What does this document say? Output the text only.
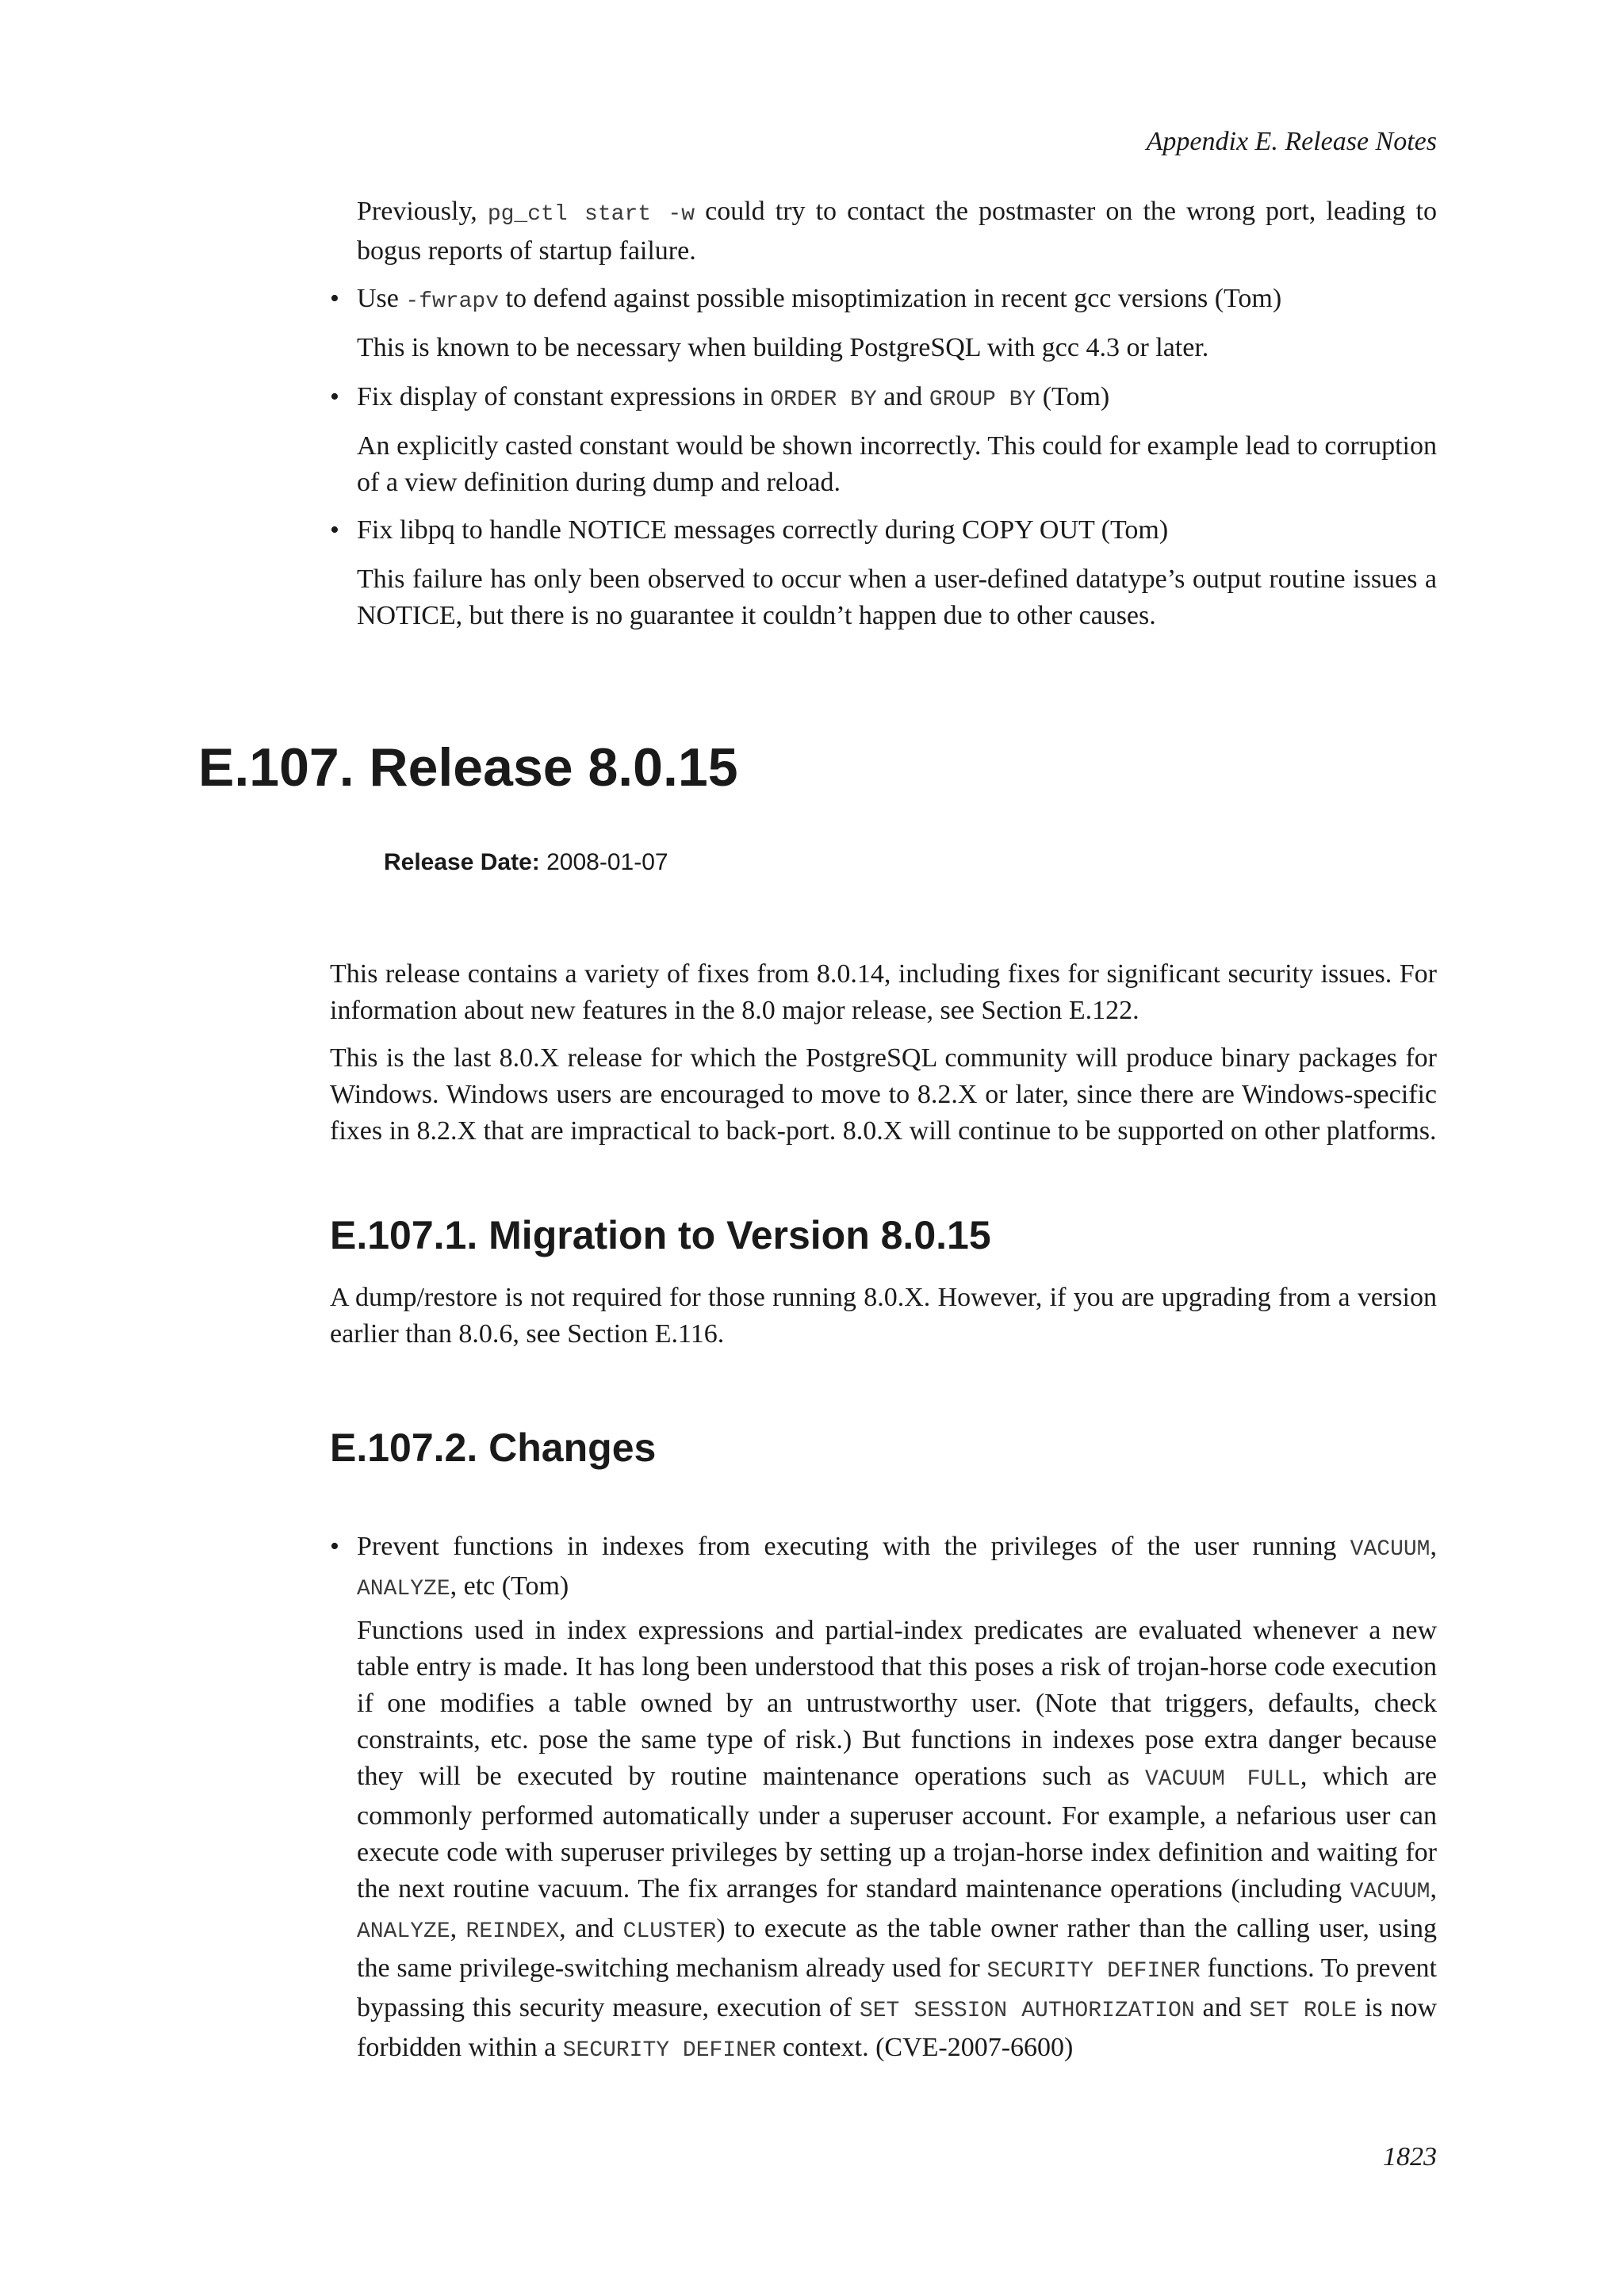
Appendix E. Release Notes
Previously, pg_ctl start -w could try to contact the postmaster on the wrong port, leading to bogus reports of startup failure.
• Use -fwrapv to defend against possible misoptimization in recent gcc versions (Tom)
This is known to be necessary when building PostgreSQL with gcc 4.3 or later.
• Fix display of constant expressions in ORDER BY and GROUP BY (Tom)
An explicitly casted constant would be shown incorrectly. This could for example lead to corruption of a view definition during dump and reload.
• Fix libpq to handle NOTICE messages correctly during COPY OUT (Tom)
This failure has only been observed to occur when a user-defined datatype’s output routine issues a NOTICE, but there is no guarantee it couldn’t happen due to other causes.
E.107. Release 8.0.15
Release Date: 2008-01-07
This release contains a variety of fixes from 8.0.14, including fixes for significant security issues. For information about new features in the 8.0 major release, see Section E.122.
This is the last 8.0.X release for which the PostgreSQL community will produce binary packages for Windows. Windows users are encouraged to move to 8.2.X or later, since there are Windows-specific fixes in 8.2.X that are impractical to back-port. 8.0.X will continue to be supported on other platforms.
E.107.1. Migration to Version 8.0.15
A dump/restore is not required for those running 8.0.X. However, if you are upgrading from a version earlier than 8.0.6, see Section E.116.
E.107.2. Changes
• Prevent functions in indexes from executing with the privileges of the user running VACUUM, ANALYZE, etc (Tom)
Functions used in index expressions and partial-index predicates are evaluated whenever a new table entry is made. It has long been understood that this poses a risk of trojan-horse code execution if one modifies a table owned by an untrustworthy user. (Note that triggers, defaults, check constraints, etc. pose the same type of risk.) But functions in indexes pose extra danger because they will be executed by routine maintenance operations such as VACUUM FULL, which are commonly performed automatically under a superuser account. For example, a nefarious user can execute code with superuser privileges by setting up a trojan-horse index definition and waiting for the next routine vacuum. The fix arranges for standard maintenance operations (including VACUUM, ANALYZE, REINDEX, and CLUSTER) to execute as the table owner rather than the calling user, using the same privilege-switching mechanism already used for SECURITY DEFINER functions. To prevent bypassing this security measure, execution of SET SESSION AUTHORIZATION and SET ROLE is now forbidden within a SECURITY DEFINER context. (CVE-2007-6600)
1823
